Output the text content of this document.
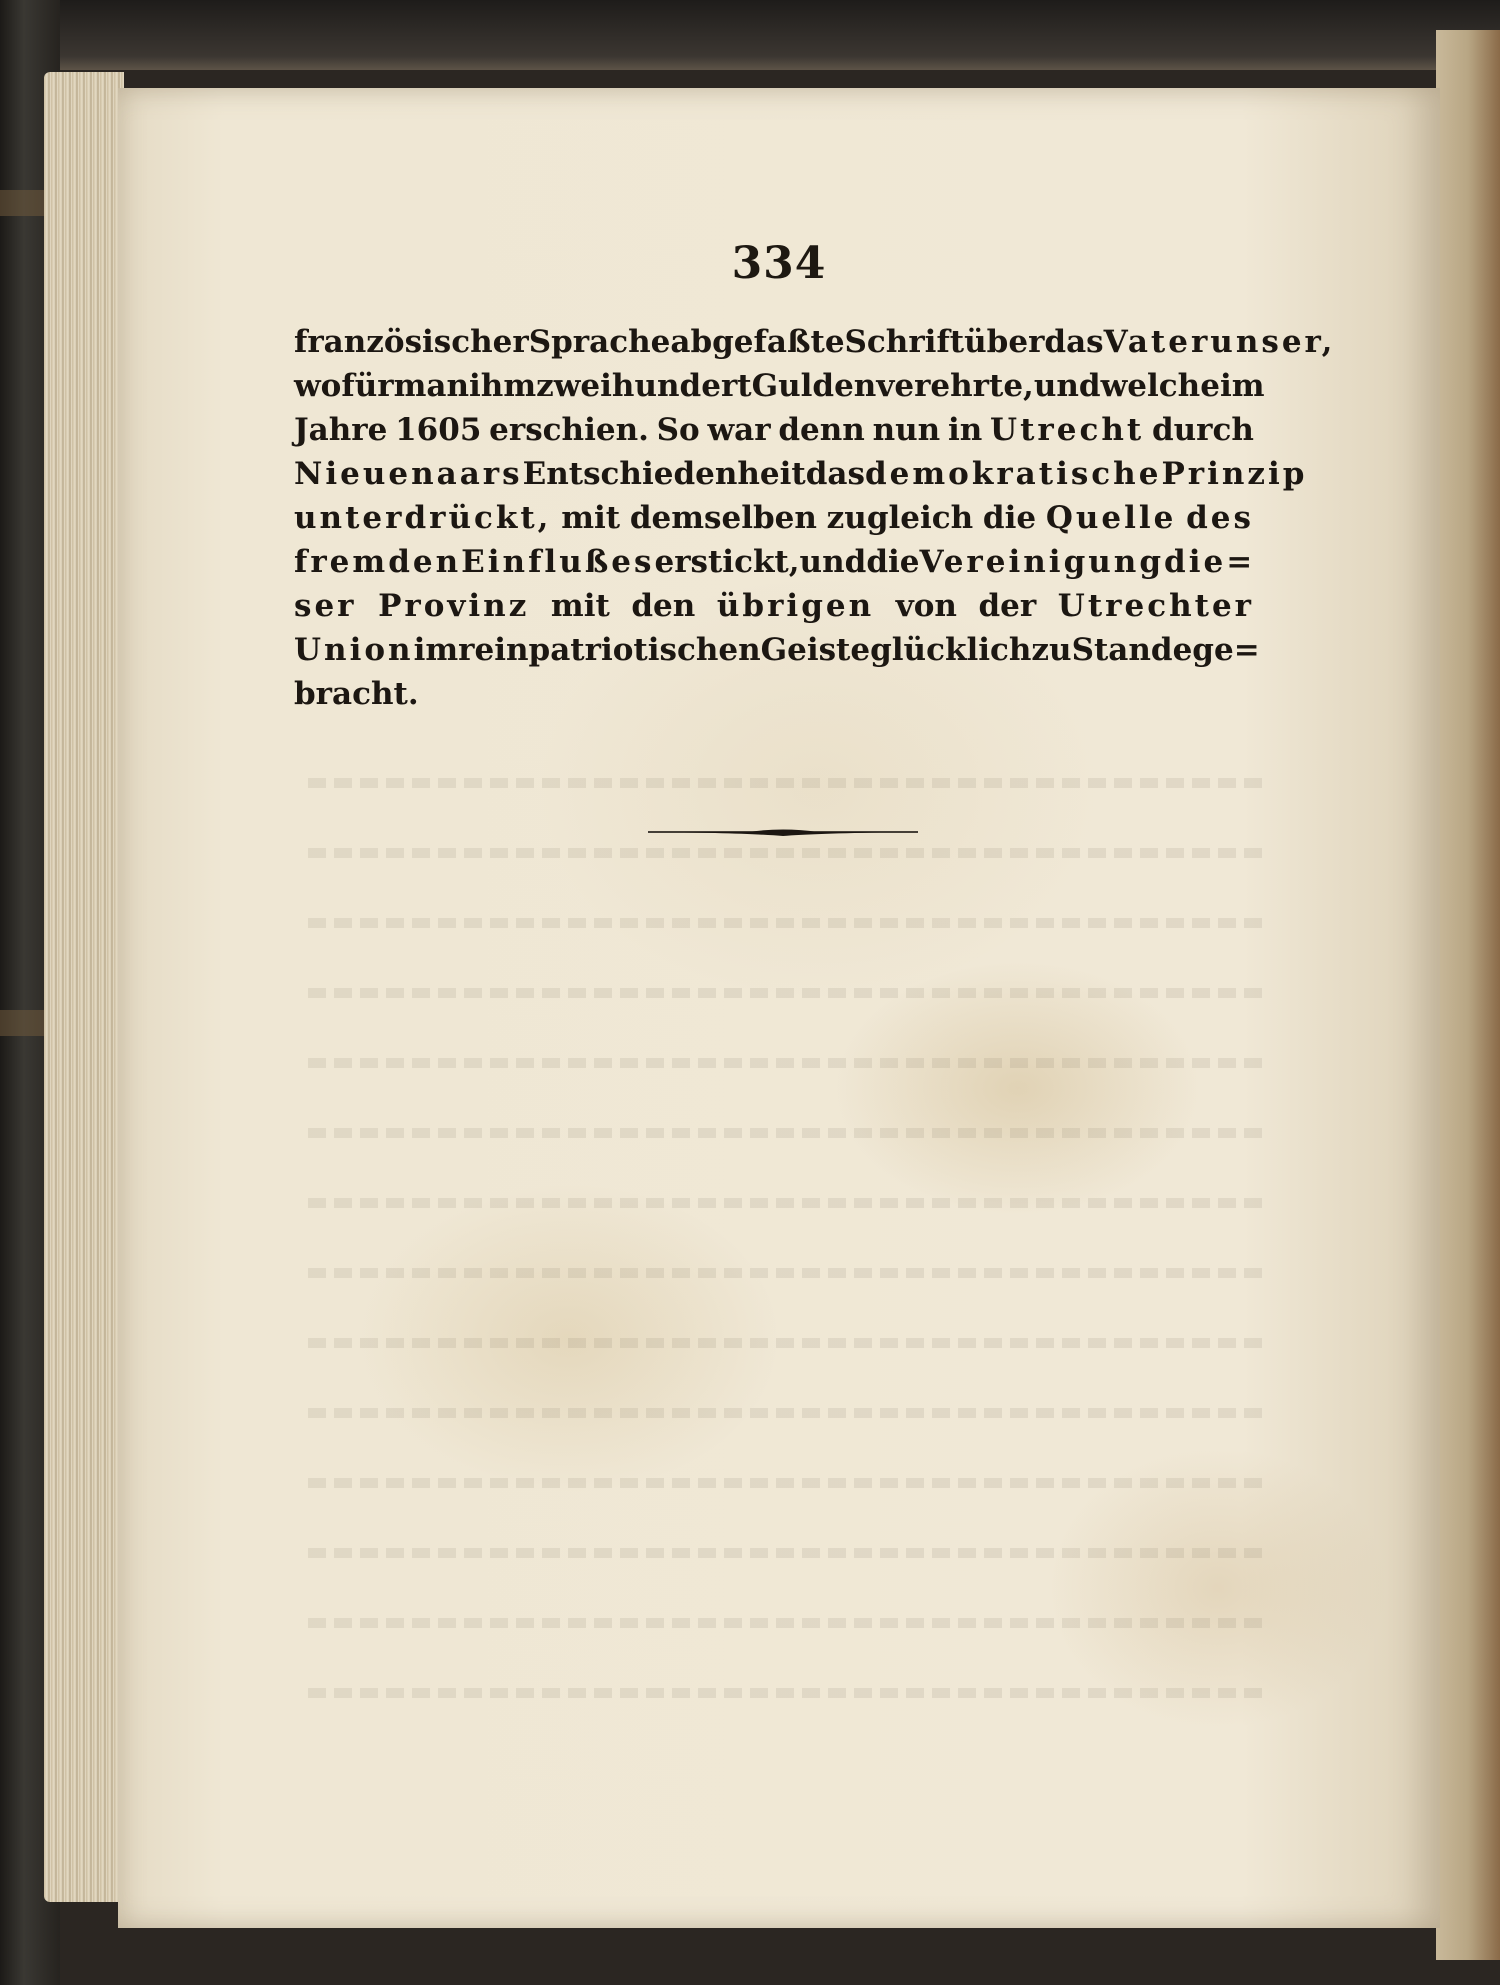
334
französischer Sprache abgefaßte Schrift über das Vaterunser,
wofür man ihm zweihundert Gulden verehrte, und welche im
Jahre 1605 erschien. So war denn nun in Utrecht durch
Nieuenaars Entschiedenheit das demokratische Prinzip
unterdrückt, mit demselben zugleich die Quelle des
fremden Einflußes erstickt, und die Vereinigung die=
ser Provinz mit den übrigen von der Utrechter
Union im rein patriotischen Geiste glücklich zu Stande ge=
bracht.
